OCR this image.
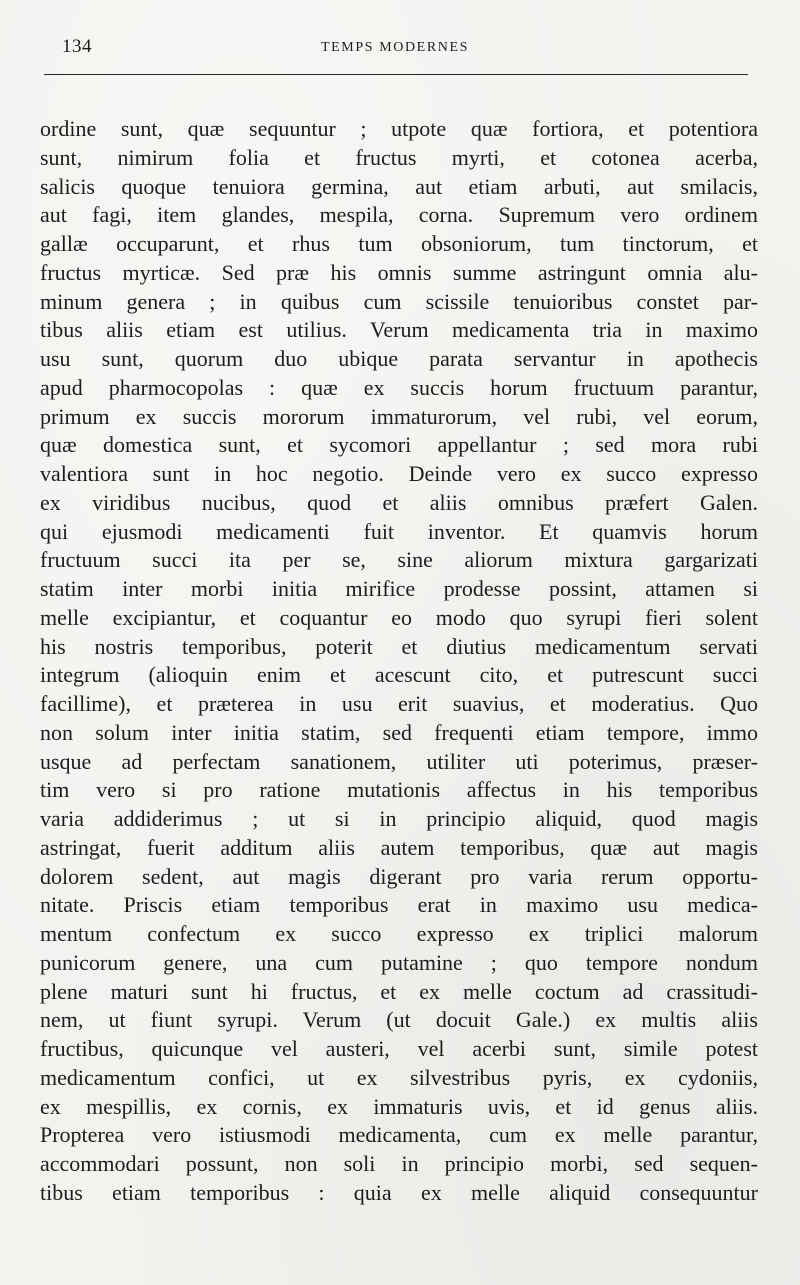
134	TEMPS MODERNES
ordine sunt, quæ sequuntur ; utpote quæ fortiora, et potentiora
sunt, nimirum folia et fructus myrti, et cotonea acerba,
salicis quoque tenuiora germina, aut etiam arbuti, aut smilacis,
aut fagi, item glandes, mespila, corna. Supremum vero ordinem
gallæ occuparunt, et rhus tum obsoniorum, tum tinctorum, et
fructus myrticæ. Sed præ his omnis summe astringunt omnia alu-
minum genera ; in quibus cum scissile tenuioribus constet par-
tibus aliis etiam est utilius. Verum medicamenta tria in maximo
usu sunt, quorum duo ubique parata servantur in apothecis
apud pharmocopolas : quæ ex succis horum fructuum parantur,
primum ex succis mororum immaturorum, vel rubi, vel eorum,
quæ domestica sunt, et sycomori appellantur ; sed mora rubi
valentiora sunt in hoc negotio. Deinde vero ex succo expresso
ex viridibus nucibus, quod et aliis omnibus præfert Galen.
qui ejusmodi medicamenti fuit inventor. Et quamvis horum
fructuum succi ita per se, sine aliorum mixtura gargarizati
statim inter morbi initia mirifice prodesse possint, attamen si
melle excipiantur, et coquantur eo modo quo syrupi fieri solent
his nostris temporibus, poterit et diutius medicamentum servati
integrum (alioquin enim et acescunt cito, et putrescunt succi
facillime), et præterea in usu erit suavius, et moderatius. Quo
non solum inter initia statim, sed frequenti etiam tempore, immo
usque ad perfectam sanationem, utiliter uti poterimus, præser-
tim vero si pro ratione mutationis affectus in his temporibus
varia addiderimus ; ut si in principio aliquid, quod magis
astringat, fuerit additum aliis autem temporibus, quæ aut magis
dolorem sedent, aut magis digerant pro varia rerum opportu-
nitate. Priscis etiam temporibus erat in maximo usu medica-
mentum confectum ex succo expresso ex triplici malorum
punicorum genere, una cum putamine ; quo tempore nondum
plene maturi sunt hi fructus, et ex melle coctum ad crassitudi-
nem, ut fiunt syrupi. Verum (ut docuit Gale.) ex multis aliis
fructibus, quicunque vel austeri, vel acerbi sunt, simile potest
medicamentum confici, ut ex silvestribus pyris, ex cydoniis,
ex mespillis, ex cornis, ex immaturis uvis, et id genus aliis.
Propterea vero istiusmodi medicamenta, cum ex melle parantur,
accommodari possunt, non soli in principio morbi, sed sequen-
tibus etiam temporibus : quia ex melle aliquid consequuntur
